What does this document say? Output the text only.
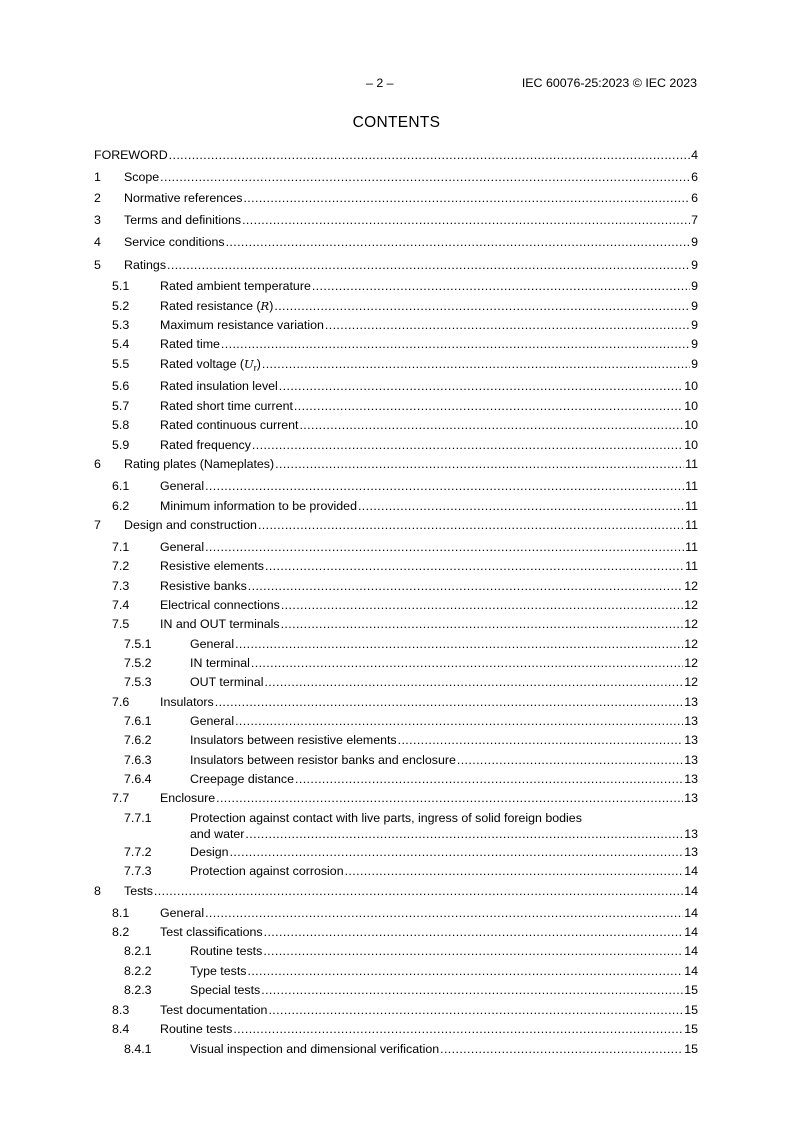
– 2 –	IEC 60076-25:2023 © IEC 2023
CONTENTS
FOREWORD .....	4
1 Scope .....	6
2 Normative references .....	6
3 Terms and definitions .....	7
4 Service conditions .....	9
5 Ratings .....	9
5.1 Rated ambient temperature .....	9
5.2 Rated resistance (R) .....	9
5.3 Maximum resistance variation .....	9
5.4 Rated time .....	9
5.5 Rated voltage $(U_r)$ .....	9
5.6 Rated insulation level .....	10
5.7 Rated short time current .....	10
5.8 Rated continuous current .....	10
5.9 Rated frequency .....	10
6 Rating plates (Nameplates) .....	11
6.1 General .....	11
6.2 Minimum information to be provided .....	11
7 Design and construction .....	11
7.1 General .....	11
7.2 Resistive elements .....	11
7.3 Resistive banks .....	12
7.4 Electrical connections .....	12
7.5 IN and OUT terminals .....	12
7.5.1	General .....	12
7.5.2	IN terminal .....	12
7.5.3	OUT terminal .....	12
7.6 Insulators .....	13
7.6.1	General .....	13
7.6.2	Insulators between resistive elements .....	13
7.6.3	Insulators between resistor banks and enclosure .....	13
7.6.4	Creepage distance .....	13
7.7 Enclosure .....	13
7.7.1	Protection against contact with live parts, ingress of solid foreign bodies
and water .....	13
7.7.2	Design .....	13
7.7.3	Protection against corrosion .....	14
8 Tests .....	14
8.1 General .....	14
8.2 Test classifications .....	14
8.2.1	Routine tests .....	14
8.2.2	Type tests .....	14
8.2.3	Special tests .....	15
8.3 Test documentation .....	15
8.4 Routine tests .....	15
8.4.1	Visual inspection and dimensional verification .....	15
